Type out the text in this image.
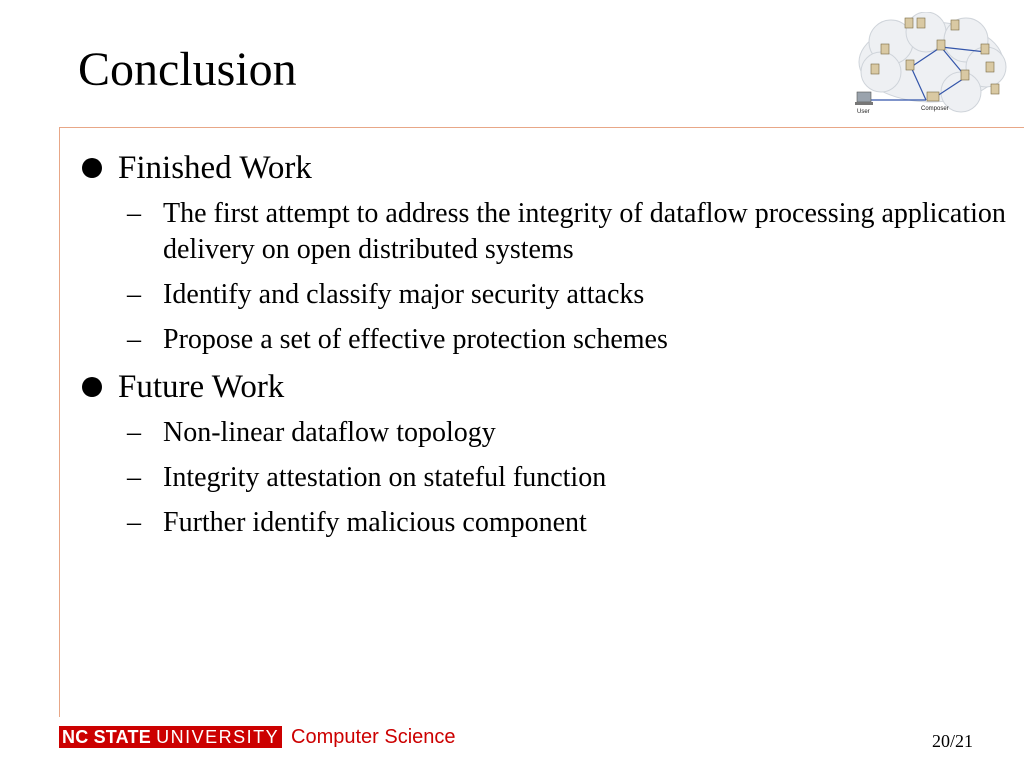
Conclusion
User	Composer
Finished Work
– The first attempt to address the integrity of dataflow processing application delivery on open distributed systems
– Identify and classify major security attacks
– Propose a set of effective protection schemes
Future Work
– Non-linear dataflow topology
– Integrity attestation on stateful function
– Further identify malicious component
NC STATE UNIVERSITY Computer Science	20/21
